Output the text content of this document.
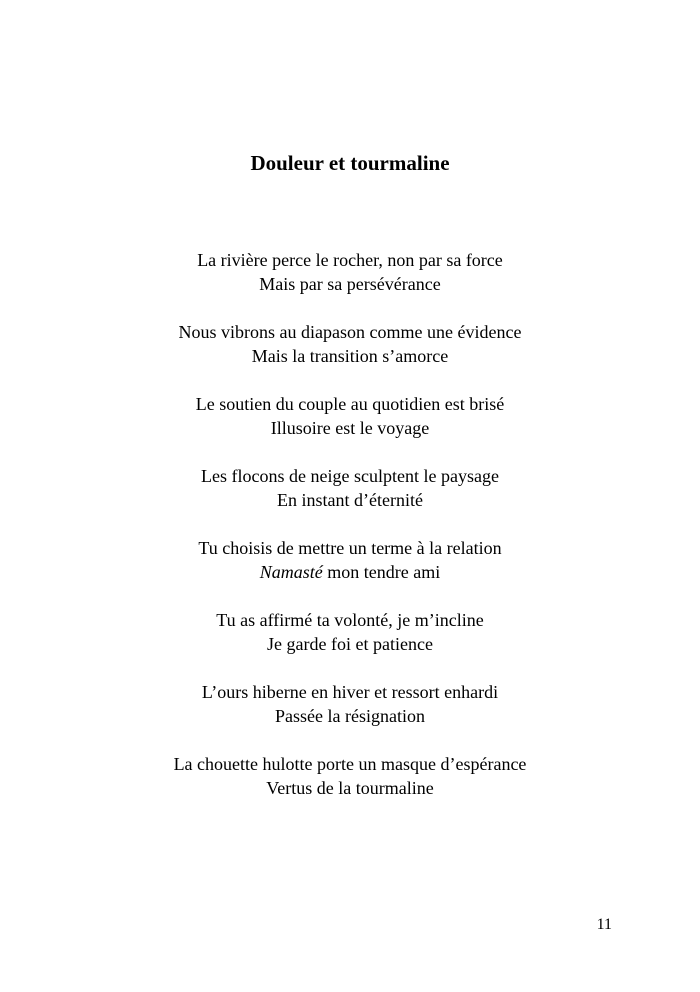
Douleur et tourmaline
La rivière perce le rocher, non par sa force
Mais par sa persévérance
Nous vibrons au diapason comme une évidence
Mais la transition s’amorce
Le soutien du couple au quotidien est brisé
Illusoire est le voyage
Les flocons de neige sculptent le paysage
En instant d’éternité
Tu choisis de mettre un terme à la relation
Namasté mon tendre ami
Tu as affirmé ta volonté, je m’incline
Je garde foi et patience
L’ours hiberne en hiver et ressort enhardi
Passée la résignation
La chouette hulotte porte un masque d’espérance
Vertus de la tourmaline
11
